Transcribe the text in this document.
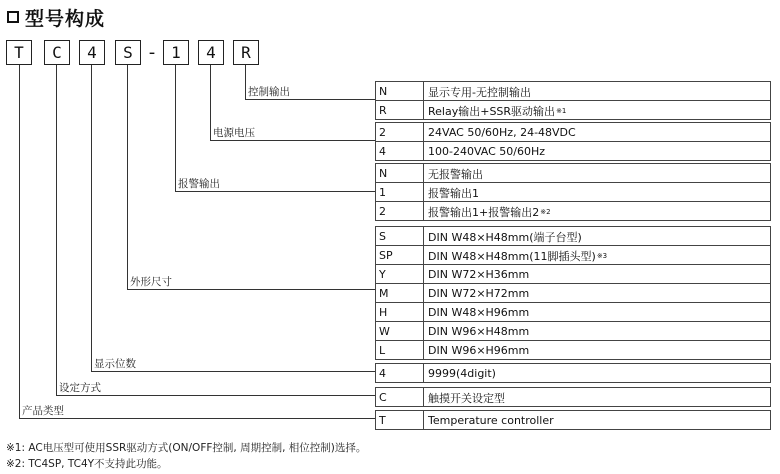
型号构成
T	C	4	S - 1	4	R
控制输出
电源电压
报警输出
外形尺寸
显示位数
设定方式
产品类型
N	显示专用-无控制输出
R	Relay输出+SSR驱动输出 ※1
2	24VAC 50/60Hz, 24-48VDC
4	100-240VAC 50/60Hz
N	无报警输出
1	报警输出1
2	报警输出1+报警输出2 ※2
S	DIN W48×H48mm(端子台型)
SP	DIN W48×H48mm(11脚插头型) ※3
Y	DIN W72×H36mm
M	DIN W72×H72mm
H	DIN W48×H96mm
W	DIN W96×H48mm
L	DIN W96×H96mm
4	9999(4digit)
C	触摸开关设定型
T	Temperature controller
※1: AC电压型可使用SSR驱动方式(ON/OFF控制, 周期控制, 相位控制)选择。
※2: TC4SP, TC4Y不支持此功能。
